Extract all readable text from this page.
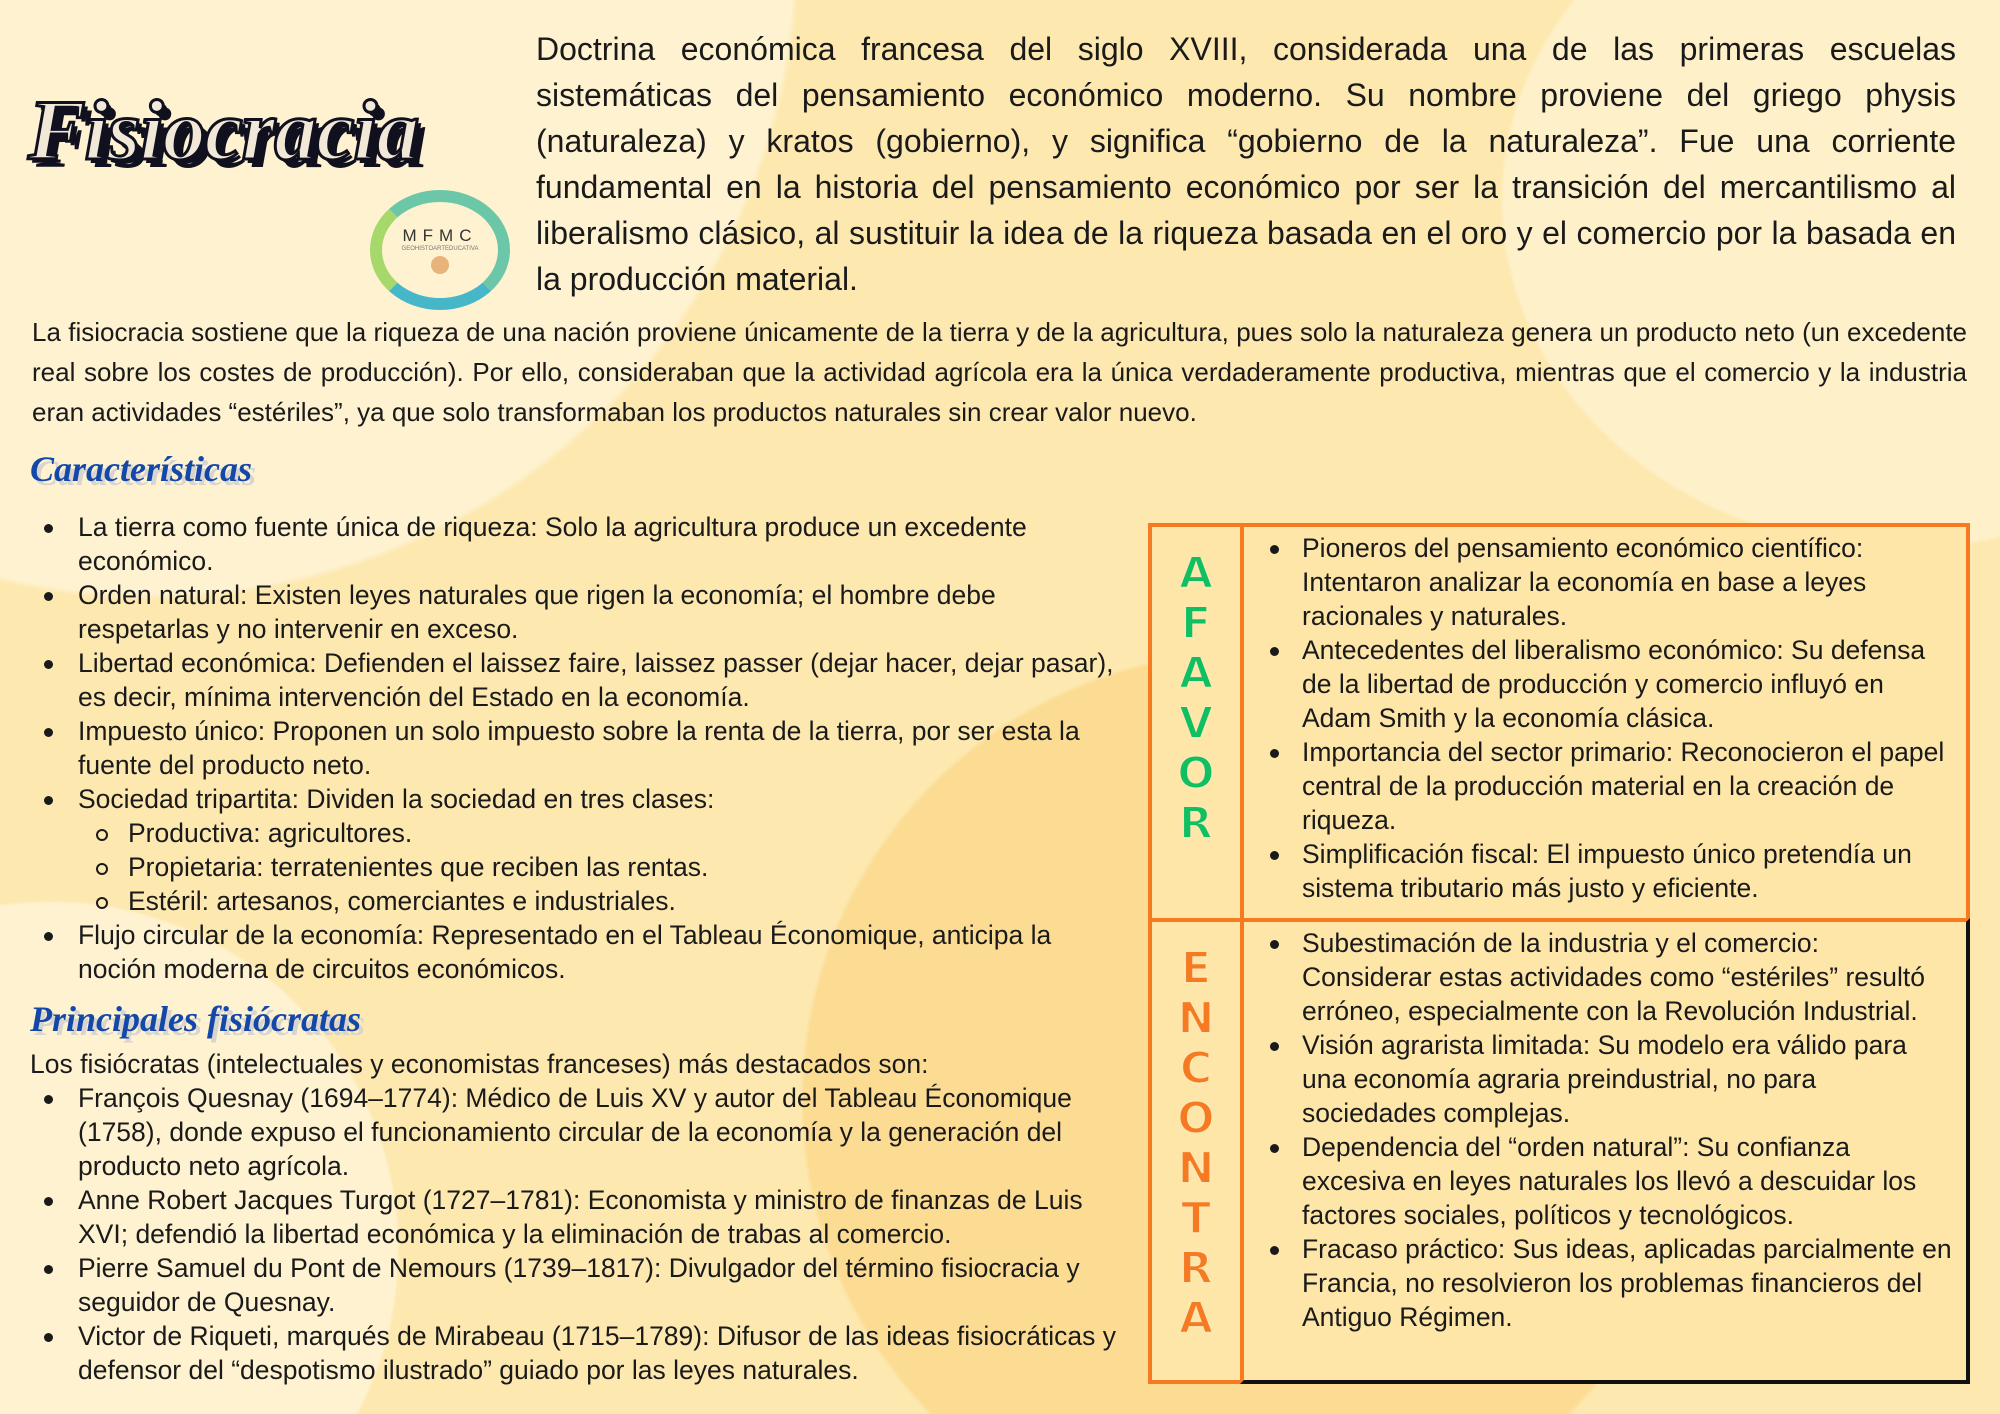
Fisiocracia
MFMC
GEOHISTOARTEDUCATIVA

Doctrina económica francesa del siglo XVIII, considerada una de las primeras escuelas sistemáticas del pensamiento económico moderno. Su nombre proviene del griego physis (naturaleza) y kratos (gobierno), y significa “gobierno de la naturaleza”. Fue una corriente fundamental en la historia del pensamiento económico por ser la transición del mercantilismo al liberalismo clásico, al sustituir la idea de la riqueza basada en el oro y el comercio por la basada en la producción material.

La fisiocracia sostiene que la riqueza de una nación proviene únicamente de la tierra y de la agricultura, pues solo la naturaleza genera un producto neto (un excedente real sobre los costes de producción). Por ello, consideraban que la actividad agrícola era la única verdaderamente productiva, mientras que el comercio y la industria eran actividades “estériles”, ya que solo transformaban los productos naturales sin crear valor nuevo.

Características
La tierra como fuente única de riqueza: Solo la agricultura produce un excedente económico.
Orden natural: Existen leyes naturales que rigen la economía; el hombre debe respetarlas y no intervenir en exceso.
Libertad económica: Defienden el laissez faire, laissez passer (dejar hacer, dejar pasar), es decir, mínima intervención del Estado en la economía.
Impuesto único: Proponen un solo impuesto sobre la renta de la tierra, por ser esta la fuente del producto neto.
Sociedad tripartita: Dividen la sociedad en tres clases:
Productiva: agricultores.
Propietaria: terratenientes que reciben las rentas.
Estéril: artesanos, comerciantes e industriales.
Flujo circular de la economía: Representado en el Tableau Économique, anticipa la noción moderna de circuitos económicos.
Principales fisiócratas

Los fisiócratas (intelectuales y economistas franceses) más destacados son:

François Quesnay (1694–1774): Médico de Luis XV y autor del Tableau Économique (1758), donde expuso el funcionamiento circular de la economía y la generación del producto neto agrícola.
Anne Robert Jacques Turgot (1727–1781): Economista y ministro de finanzas de Luis XVI; defendió la libertad económica y la eliminación de trabas al comercio.
Pierre Samuel du Pont de Nemours (1739–1817): Divulgador del término fisiocracia y seguidor de Quesnay.
Victor de Riqueti, marqués de Mirabeau (1715–1789): Difusor de las ideas fisiocráticas y defensor del “despotismo ilustrado” guiado por las leyes naturales.
A
F
A
V
O
R
Pioneros del pensamiento económico científico: Intentaron analizar la economía en base a leyes racionales y naturales.
Antecedentes del liberalismo económico: Su defensa de la libertad de producción y comercio influyó en Adam Smith y la economía clásica.
Importancia del sector primario: Reconocieron el papel central de la producción material en la creación de riqueza.
Simplificación fiscal: El impuesto único pretendía un sistema tributario más justo y eficiente.
E
N
C
O
N
T
R
A
Subestimación de la industria y el comercio: Considerar estas actividades como “estériles” resultó erróneo, especialmente con la Revolución Industrial.
Visión agrarista limitada: Su modelo era válido para una economía agraria preindustrial, no para sociedades complejas.
Dependencia del “orden natural”: Su confianza excesiva en leyes naturales los llevó a descuidar los factores sociales, políticos y tecnológicos.
Fracaso práctico: Sus ideas, aplicadas parcialmente en Francia, no resolvieron los problemas financieros del Antiguo Régimen.
